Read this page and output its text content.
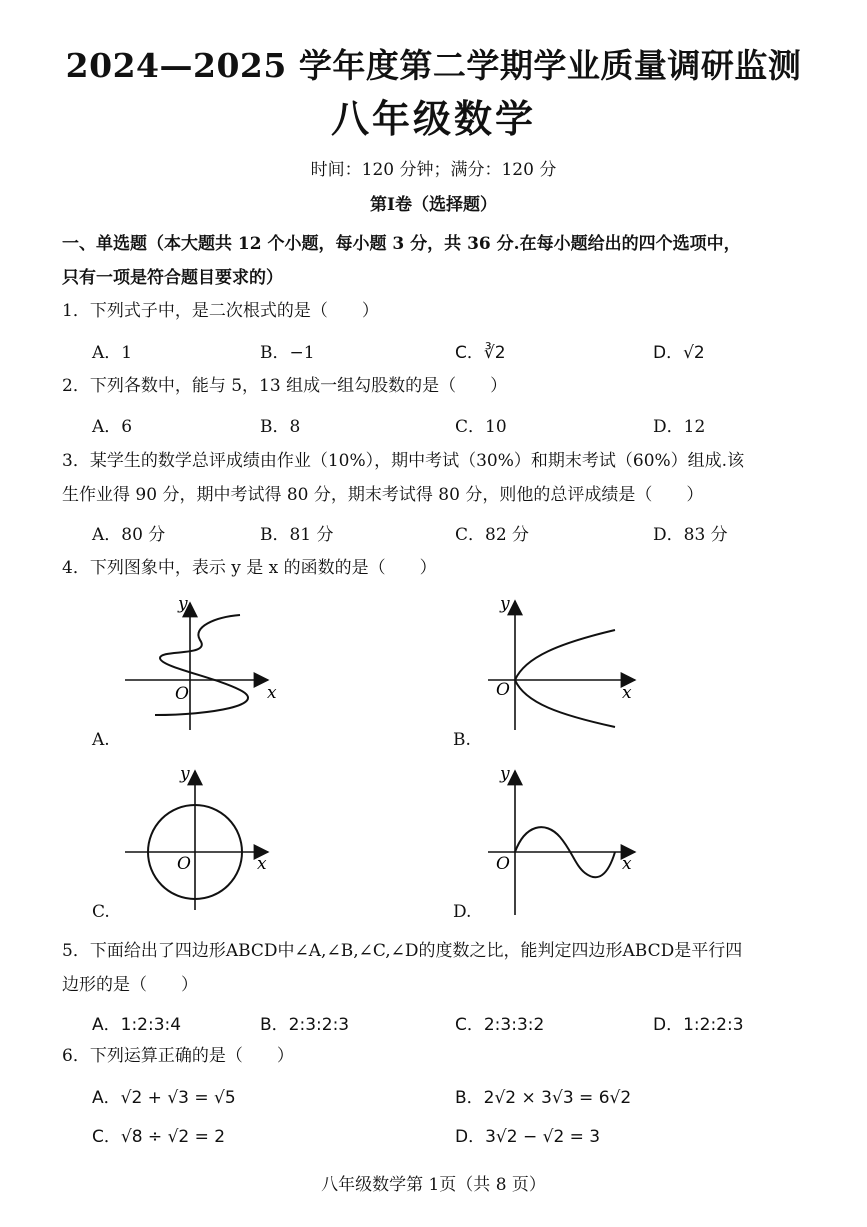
2024—2025 学年度第二学期学业质量调研监测
八年级数学
时间：120 分钟；满分：120 分
第Ⅰ卷（选择题）
一、单选题（本大题共 12 个小题，每小题 3 分，共 36 分.在每小题给出的四个选项中，
只有一项是符合题目要求的）
1．下列式子中，是二次根式的是（　　）
A．1	B．−1	C．∛2	D．√2
2．下列各数中，能与 5，13 组成一组勾股数的是（　　）
A．6	B．8	C．10	D．12
3．某学生的数学总评成绩由作业（10%），期中考试（30%）和期末考试（60%）组成.该
生作业得 90 分，期中考试得 80 分，期末考试得 80 分，则他的总评成绩是（　　）
A．80 分	B．81 分	C．82 分	D．83 分
4．下列图象中，表示 y 是 x 的函数的是（　　）
x
y
O
A.
x
y
O
B.
x
y
O
C.
x
y
O
D.
5．下面给出了四边形ABCD中∠A,∠B,∠C,∠D的度数之比，能判定四边形ABCD是平行四
边形的是（　　）
A．1:2:3:4	B．2:3:2:3	C．2:3:3:2	D．1:2:2:3
6．下列运算正确的是（　　）
A．√2 + √3 = √5	B．2√2 × 3√3 = 6√2
C．√8 ÷ √2 = 2	D．3√2 − √2 = 3
八年级数学第 1页（共 8 页）
